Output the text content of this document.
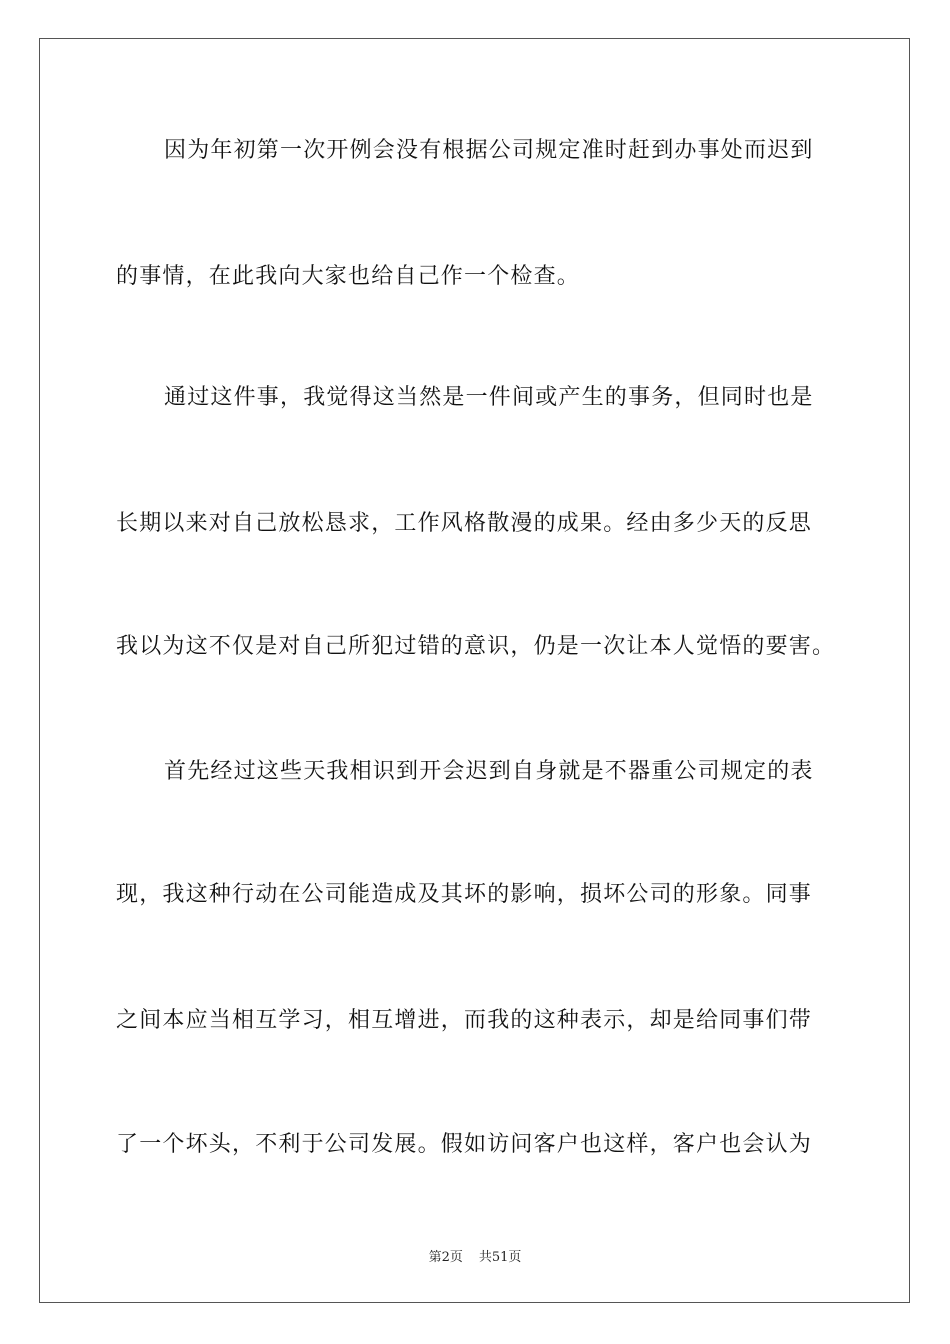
因为年初第一次开例会没有根据公司规定准时赶到办事处而迟到
的事情，在此我向大家也给自己作一个检查。
通过这件事，我觉得这当然是一件间或产生的事务，但同时也是
长期以来对自己放松恳求，工作风格散漫的成果。经由多少天的反思
我以为这不仅是对自己所犯过错的意识，仍是一次让本人觉悟的要害。
首先经过这些天我相识到开会迟到自身就是不器重公司规定的表
现，我这种行动在公司能造成及其坏的影响，损坏公司的形象。同事
之间本应当相互学习，相互增进，而我的这种表示，却是给同事们带
了一个坏头，不利于公司发展。假如访问客户也这样，客户也会认为
第2页 共51页
